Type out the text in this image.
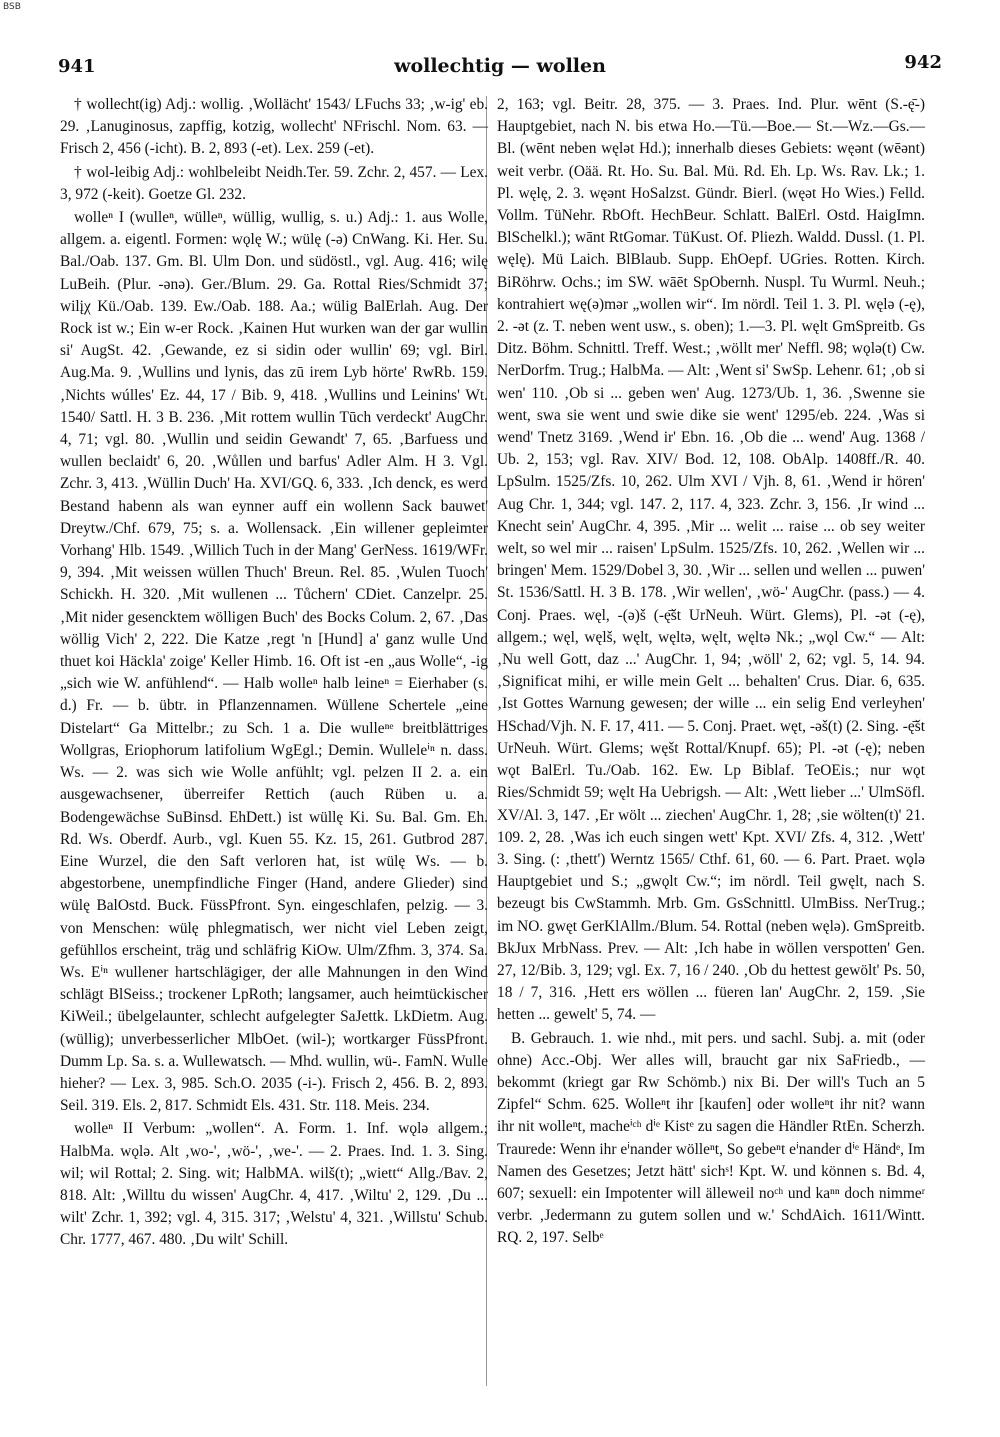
BSB
941	wollechtig — wollen	942

† wollecht(ig) Adj.: wollig. ‚Wollächt' 1543/ LFuchs 33; ‚w-ig' eb. 29. ‚Lanuginosus, zapffig, kotzig, wollecht' NFrischl. Nom. 63. — Frisch 2, 456 (-icht). B. 2, 893 (-et). Lex. 259 (-et).

† wol-leibig Adj.: wohlbeleibt Neidh.Ter. 59. Zchr. 2, 457. — Lex. 3, 972 (-keit). Goetze Gl. 232.

wolleⁿ I (wulleⁿ, wülleⁿ, wüllig, wullig, s. u.) Adj.: 1. aus Wolle, allgem. a. eigentl. Formen: wǫlę W.; wülę (-ə) CnWang. Ki. Her. Su. Bal./Oab. 137. Gm. Bl. Ulm Don. und südöstl., vgl. Aug. 416; wilę LuBeih. (Plur. -ənə). Ger./Blum. 29. Ga. Rottal Ries/Schmidt 37; wilįχ Kü./Oab. 139. Ew./Oab. 188. Aa.; wülig BalErlah. Aug. Der Rock ist w.; Ein w-er Rock. ‚Kainen Hut wurken wan der gar wullin si' AugSt. 42. ‚Gewande, ez si sidin oder wullin' 69; vgl. Birl. Aug.Ma. 9. ‚Wullins und lynis, das zū irem Lyb hörte' RwRb. 159. ‚Nichts wúlles' Ez. 44, 17 / Bib. 9, 418. ‚Wullins und Leinins' Wt. 1540/ Sattl. H. 3 B. 236. ‚Mit rottem wullin Tūch verdeckt' AugChr. 4, 71; vgl. 80. ‚Wullin und seidin Gewandt' 7, 65. ‚Barfuess und wullen beclaidt' 6, 20. ‚Wůllen und barfus' Adler Alm. H 3. Vgl. Zchr. 3, 413. ‚Wüllin Duch' Ha. XVI/GQ. 6, 333. ‚Ich denck, es werd Bestand habenn als wan eynner auff ein wollenn Sack bauwet' Dreytw./Chf. 679, 75; s. a. Wollensack. ‚Ein willener gepleimter Vorhang' Hlb. 1549. ‚Willich Tuch in der Mang' GerNess. 1619/WFr. 9, 394. ‚Mit weissen wüllen Thuch' Breun. Rel. 85. ‚Wulen Tuoch' Schickh. H. 320. ‚Mit wullenen ... Tůchern' CDiet. Canzelpr. 25. ‚Mit nider gesencktem wölligen Buch' des Bocks Colum. 2, 67. ‚Das wöllig Vich' 2, 222. Die Katze ‚regt 'n [Hund] a' ganz wulle Und thuet koi Häckla' zoige' Keller Himb. 16. Oft ist -en „aus Wolle“, -ig „sich wie W. anfühlend“. — Halb wolleⁿ halb leineⁿ = Eierhaber (s. d.) Fr. — b. übtr. in Pflanzennamen. Wüllene Schertele „eine Distelart“ Ga Mittelbr.; zu Sch. 1 a. Die wulleⁿᵉ breitblättriges Wollgras, Eriophorum latifolium WgEgl.; Demin. Wulleleⁱⁿ n. dass. Ws. — 2. was sich wie Wolle anfühlt; vgl. pelzen II 2. a. ein ausgewachsener, überreifer Rettich (auch Rüben u. a. Bodengewächse SuBinsd. EhDett.) ist wüllę Ki. Su. Bal. Gm. Eh. Rd. Ws. Oberdf. Aurb., vgl. Kuen 55. Kz. 15, 261. Gutbrod 287. Eine Wurzel, die den Saft verloren hat, ist wülę Ws. — b. abgestorbene, unempfindliche Finger (Hand, andere Glieder) sind wülę BalOstd. Buck. FüssPfront. Syn. eingeschlafen, pelzig. — 3. von Menschen: wülę phlegmatisch, wer nicht viel Leben zeigt, gefühllos erscheint, träg und schläfrig KiOw. Ulm/Zfhm. 3, 374. Sa. Ws. Eⁱⁿ wullener hartschlägiger, der alle Mahnungen in den Wind schlägt BlSeiss.; trockener LpRoth; langsamer, auch heimtückischer KiWeil.; übelgelaunter, schlecht aufgelegter SaJettk. LkDietm. Aug. (wüllig); unverbesserlicher MlbOet. (wil-); wortkarger FüssPfront. Dumm Lp. Sa. s. a. Wullewatsch. — Mhd. wullin, wü-. FamN. Wulle hieher? — Lex. 3, 985. Sch.O. 2035 (-i-). Frisch 2, 456. B. 2, 893. Seil. 319. Els. 2, 817. Schmidt Els. 431. Str. 118. Meis. 234.

wolleⁿ II Verbum: „wollen“. A. Form. 1. Inf. wǫlə allgem.; HalbMa. wǫlə. Alt ‚wo-', ‚wö-', ‚we-'. — 2. Praes. Ind. 1. 3. Sing. wil; wil Rottal; 2. Sing. wit; HalbMA. wilš(t); „wiett“ Allg./Bav. 2, 818. Alt: ‚Willtu du wissen' AugChr. 4, 417. ‚Wiltu' 2, 129. ‚Du ... wilt' Zchr. 1, 392; vgl. 4, 315. 317; ‚Welstu' 4, 321. ‚Willstu' Schub. Chr. 1777, 467. 480. ‚Du wilt' Schill.

2, 163; vgl. Beitr. 28, 375. — 3. Praes. Ind. Plur. wēnt (S.-ę̄-) Hauptgebiet, nach N. bis etwa Ho.—Tü.—Boe.— St.—Wz.—Gs.—Bl. (wēnt neben węlət Hd.); innerhalb dieses Gebiets: węənt (wēənt) weit verbr. (Oää. Rt. Ho. Su. Bal. Mü. Rd. Eh. Lp. Ws. Rav. Lk.; 1. Pl. węlę, 2. 3. węənt HoSalzst. Gündr. Bierl. (węət Ho Wies.) Felld. Vollm. TüNehr. RbOft. HechBeur. Schlatt. BalErl. Ostd. HaigImn. BlSchelkl.); wānt RtGomar. TüKust. Of. Pliezh. Waldd. Dussl. (1. Pl. węlę). Mü Laich. BlBlaub. Supp. EhOepf. UGries. Rotten. Kirch. BiRöhrw. Ochs.; im SW. wāēt SpObernh. Nuspl. Tu Wurml. Neuh.; kontrahiert wę(ə)mər „wollen wir“. Im nördl. Teil 1. 3. Pl. węlə (-ę), 2. -ət (z. T. neben went usw., s. oben); 1.—3. Pl. węlt GmSpreitb. Gs Ditz. Böhm. Schnittl. Treff. West.; ‚wöllt mer' Neffl. 98; wǫlə(t) Cw. NerDorfm. Trug.; HalbMa. — Alt: ‚Went si' SwSp. Lehenr. 61; ‚ob si wen' 110. ‚Ob si ... geben wen' Aug. 1273/Ub. 1, 36. ‚Swenne sie went, swa sie went und swie dike sie went' 1295/eb. 224. ‚Was si wend' Tnetz 3169. ‚Wend ir' Ebn. 16. ‚Ob die ... wend' Aug. 1368 / Ub. 2, 153; vgl. Rav. XIV/ Bod. 12, 108. ObAlp. 1408ff./R. 40. LpSulm. 1525/Zfs. 10, 262. Ulm XVI / Vjh. 8, 61. ‚Wend ir hören' Aug Chr. 1, 344; vgl. 147. 2, 117. 4, 323. Zchr. 3, 156. ‚Ir wind ... Knecht sein' AugChr. 4, 395. ‚Mir ... welit ... raise ... ob sey weiter welt, so wel mir ... raisen' LpSulm. 1525/Zfs. 10, 262. ‚Wellen wir ... bringen' Mem. 1529/Dobel 3, 30. ‚Wir ... sellen und wellen ... puwen' St. 1536/Sattl. H. 3 B. 178. ‚Wir wellen', ‚wö-' AugChr. (pass.) — 4. Conj. Praes. węl, -(ə)š (-ę̄št UrNeuh. Würt. Glems), Pl. -ət (-ę), allgem.; węl, węlš, węlt, węltə, węlt, węltə Nk.; „wǫl Cw.“ — Alt: ‚Nu well Gott, daz ...' AugChr. 1, 94; ‚wöll' 2, 62; vgl. 5, 14. 94. ‚Significat mihi, er wille mein Gelt ... behalten' Crus. Diar. 6, 635. ‚Ist Gottes Warnung gewesen; der wille ... ein selig End verleyhen' HSchad/Vjh. N. F. 17, 411. — 5. Conj. Praet. węt, -əš(t) (2. Sing. -ę̄št UrNeuh. Würt. Glems; węšt Rottal/Knupf. 65); Pl. -ət (-ę); neben wǫt BalErl. Tu./Oab. 162. Ew. Lp Biblaf. TeOEis.; nur wǫt Ries/Schmidt 59; węlt Ha Uebrigsh. — Alt: ‚Wett lieber ...' UlmSöfl. XV/Al. 3, 147. ‚Er wölt ... ziechen' AugChr. 1, 28; ‚sie wölten(t)' 21. 109. 2, 28. ‚Was ich euch singen wett' Kpt. XVI/ Zfs. 4, 312. ‚Wett' 3. Sing. (: ‚thett') Werntz 1565/ Cthf. 61, 60. — 6. Part. Praet. wǫlə Hauptgebiet und S.; „gwǫlt Cw.“; im nördl. Teil gwęlt, nach S. bezeugt bis CwStammh. Mrb. Gm. GsSchnittl. UlmBiss. NerTrug.; im NO. gwęt GerKlAllm./Blum. 54. Rottal (neben węlə). GmSpreitb. BkJux MrbNass. Prev. — Alt: ‚Ich habe in wöllen verspotten' Gen. 27, 12/Bib. 3, 129; vgl. Ex. 7, 16 / 240. ‚Ob du hettest gewölt' Ps. 50, 18 / 7, 316. ‚Hett ers wöllen ... füeren lan' AugChr. 2, 159. ‚Sie hetten ... gewelt' 5, 74. —

B. Gebrauch. 1. wie nhd., mit pers. und sachl. Subj. a. mit (oder ohne) Acc.-Obj. Wer alles will, braucht gar nix SaFriedb., — bekommt (kriegt gar Rw Schömb.) nix Bi. Der will's Tuch an 5 Zipfel“ Schm. 625. Wolleⁿt ihr [kaufen] oder wolleⁿt ihr nit? wann ihr nit wolleⁿt, macheⁱᶜʰ dⁱᵉ Kistᵉ zu sagen die Händler RtEn. Scherzh. Traurede: Wenn ihr eⁱnander wölleⁿt, So gebeⁿt eⁱnander dⁱᵉ Händᵉ, Im Namen des Gesetzes; Jetzt hätt' sichˢ! Kpt. W. und können s. Bd. 4, 607; sexuell: ein Impotenter will älleweil noᶜʰ und kaⁿⁿ doch nimmeʳ verbr. ‚Jedermann zu gutem sollen und w.' SchdAich. 1611/Wintt. RQ. 2, 197. Selbᵉ
